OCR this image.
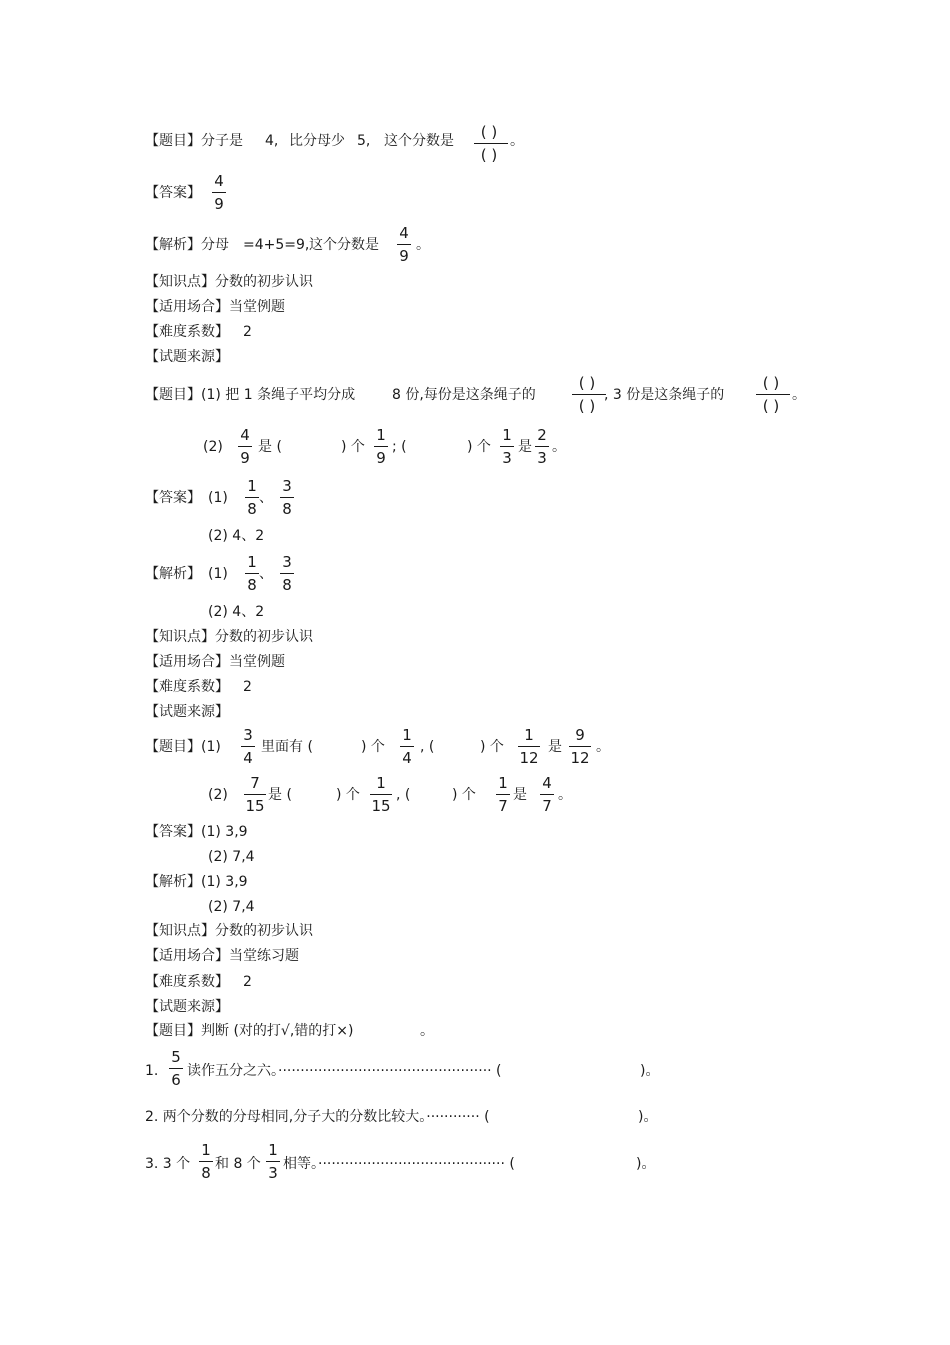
【题目】分子是 4, 比分母少 5, 这个分数是	( )
( )
。
【答案】
4
9
【解析】分母 =4+5=9, 这个分数是
4
9
。
【知识点】分数的初步认识
【适用场合】当堂例题
【难度系数】 2
【试题来源】
【题目】(1) 把 1 条绳子平均分成	8 份,每份是这条绳子的
( )
( )
, 3 份是这条绳子的
( )
( )
。
(2)
4
9
是 (	) 个
1
9
; (	) 个
1
3
是
2
3
。
【答案】 (1)
1
8
、
3
8
(2) 4、2
【解析】 (1)
1
8
、
3
8
(2) 4、2
【知识点】分数的初步认识
【适用场合】当堂例题
【难度系数】 2
【试题来源】
【题目】(1)
3
4
里面有 (	) 个
1
4
, (	) 个
1
12
是
9
12
。
(2)
7
15
是 (	) 个
1
15
, (	) 个
1
7
是
4
7
。
【答案】(1) 3,9
(2) 7,4
【解析】(1) 3,9
(2) 7,4
【知识点】分数的初步认识
【适用场合】当堂练习题
【难度系数】 2
【试题来源】
【题目】判断 (对的打√,错的打×)	。
1.
5
6 读作五分之六。················································ (	)。
2. 两个分数的分母相同,分子大的分数比较大。············ (	)。
3. 3 个
1
8 和 8 个
1
3 相等。·········································· (	)。
